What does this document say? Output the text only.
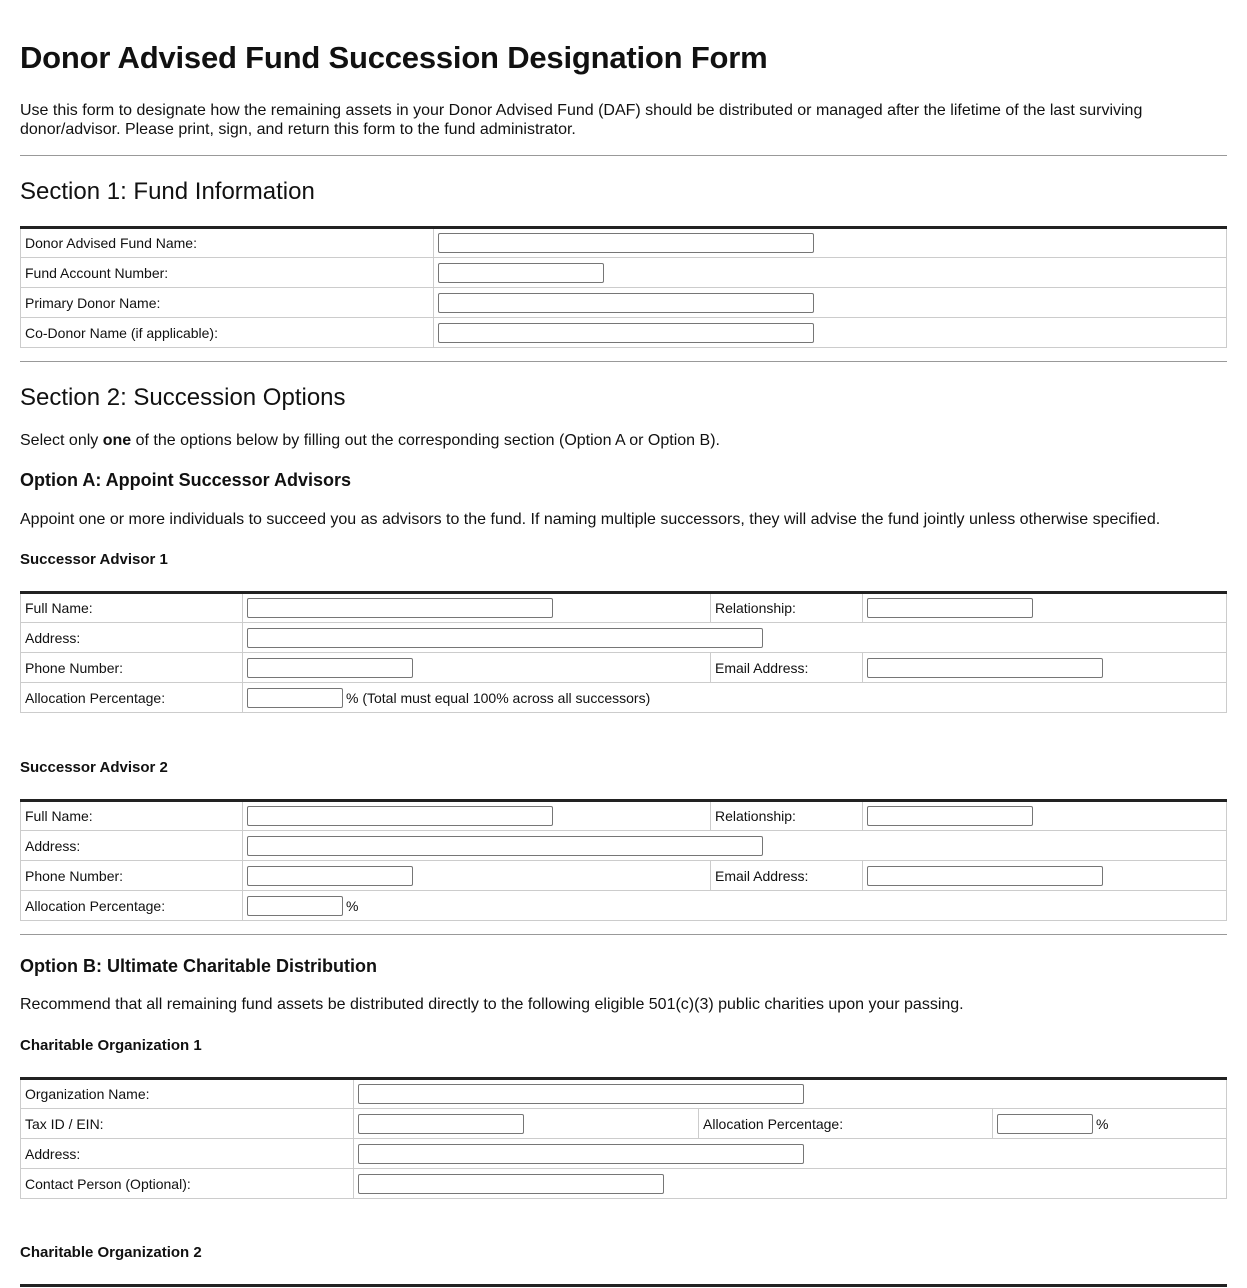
Donor Advised Fund Succession Designation Form
Use this form to designate how the remaining assets in your Donor Advised Fund (DAF) should be distributed or managed after the lifetime of the last surviving donor/advisor. Please print, sign, and return this form to the fund administrator.
Section 1: Fund Information
Donor Advised Fund Name:	
Fund Account Number:	
Primary Donor Name:	
Co-Donor Name (if applicable):	
Section 2: Succession Options
Select only one of the options below by filling out the corresponding section (Option A or Option B).
Option A: Appoint Successor Advisors
Appoint one or more individuals to succeed you as advisors to the fund. If naming multiple successors, they will advise the fund jointly unless otherwise specified.
Successor Advisor 1
Full Name:		Relationship:	
Address:			
Phone Number:		Email Address:	
Allocation Percentage:	% (Total must equal 100% across all successors)		
Successor Advisor 2
Full Name:		Relationship:	
Address:			
Phone Number:		Email Address:	
Allocation Percentage:	%		
Option B: Ultimate Charitable Distribution
Recommend that all remaining fund assets be distributed directly to the following eligible 501(c)(3) public charities upon your passing.
Charitable Organization 1
Organization Name:			
Tax ID / EIN:		Allocation Percentage:	%
Address:			
Contact Person (Optional):			
Charitable Organization 2
